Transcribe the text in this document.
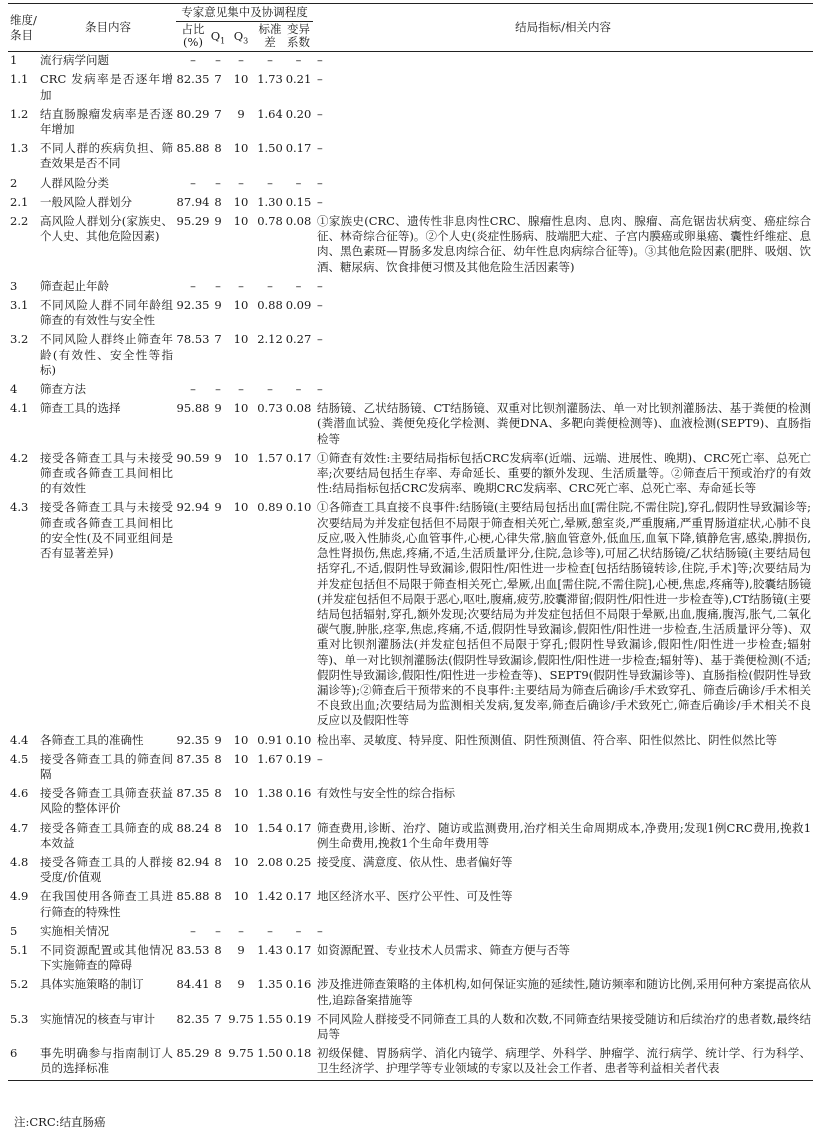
维度/条目	条目内容	专家意见集中及协调程度					结局指标/相关内容
		占比(%)	$Q_1$	$Q_3$	标准差	变异系数	
1	流行病学问题	–	–	–	–	–	–
1.1	CRC 发病率是否逐年增加	82.35	7	10	1.73	0.21	–
1.2	结直肠腺瘤发病率是否逐年增加	80.29	7	9	1.64	0.20	–
1.3	不同人群的疾病负担、筛查效果是否不同	85.88	8	10	1.50	0.17	–
2	人群风险分类	–	–	–	–	–	–
2.1	一般风险人群划分	87.94	8	10	1.30	0.15	–
2.2	高风险人群划分(家族史、个人史、其他危险因素)	95.29	9	10	0.78	0.08	①家族史(CRC、遗传性非息肉性CRC、腺瘤性息肉、息肉、腺瘤、高危锯齿状病变、癌症综合征、林奇综合征等)。②个人史(炎症性肠病、肢端肥大症、子宫内膜癌或卵巢癌、囊性纤维症、息肉、黑色素斑—胃肠多发息肉综合征、幼年性息肉病综合征等)。③其他危险因素(肥胖、吸烟、饮酒、糖尿病、饮食排便习惯及其他危险生活因素等)
3	筛查起止年龄	–	–	–	–	–	–
3.1	不同风险人群不同年龄组筛查的有效性与安全性	92.35	9	10	0.88	0.09	–
3.2	不同风险人群终止筛查年龄(有效性、安全性等指标)	78.53	7	10	2.12	0.27	–
4	筛查方法	–	–	–	–	–	–
4.1	筛查工具的选择	95.88	9	10	0.73	0.08	结肠镜、乙状结肠镜、CT结肠镜、双重对比钡剂灌肠法、单一对比钡剂灌肠法、基于粪便的检测(粪潜血试验、粪便免疫化学检测、粪便DNA、多靶向粪便检测等)、血液检测(SEPT9)、直肠指检等
4.2	接受各筛查工具与未接受筛查或各筛查工具间相比的有效性	90.59	9	10	1.57	0.17	①筛查有效性:主要结局指标包括CRC发病率(近端、远端、进展性、晚期)、CRC死亡率、总死亡率;次要结局包括生存率、寿命延长、重要的额外发现、生活质量等。②筛查后干预或治疗的有效性:结局指标包括CRC发病率、晚期CRC发病率、CRC死亡率、总死亡率、寿命延长等
4.3	接受各筛查工具与未接受筛查或各筛查工具间相比的安全性(及不同亚组间是否有显著差异)	92.94	9	10	0.89	0.10	①各筛查工具直接不良事件:结肠镜(主要结局包括出血[需住院,不需住院],穿孔,假阴性导致漏诊等;次要结局为并发症包括但不局限于筛查相关死亡,晕厥,憩室炎,严重腹痛,严重胃肠道症状,心肺不良反应,吸入性肺炎,心血管事件,心梗,心律失常,脑血管意外,低血压,血氧下降,镇静危害,感染,脾损伤,急性肾损伤,焦虑,疼痛,不适,生活质量评分,住院,急诊等),可屈乙状结肠镜/乙状结肠镜(主要结局包括穿孔,不适,假阴性导致漏诊,假阳性/阳性进一步检查[包括结肠镜转诊,住院,手术]等;次要结局为并发症包括但不局限于筛查相关死亡,晕厥,出血[需住院,不需住院],心梗,焦虑,疼痛等),胶囊结肠镜(并发症包括但不局限于恶心,呕吐,腹痛,疲劳,胶囊滞留;假阴性/阳性进一步检查等),CT结肠镜(主要结局包括辐射,穿孔,额外发现;次要结局为并发症包括但不局限于晕厥,出血,腹痛,腹泻,胀气,二氧化碳气腹,肿胀,痉挛,焦虑,疼痛,不适,假阴性导致漏诊,假阳性/阳性进一步检查,生活质量评分等)、双重对比钡剂灌肠法(并发症包括但不局限于穿孔;假阴性导致漏诊,假阳性/阳性进一步检查;辐射等)、单一对比钡剂灌肠法(假阴性导致漏诊,假阳性/阳性进一步检查;辐射等)、基于粪便检测(不适;假阴性导致漏诊,假阳性/阳性进一步检查等)、SEPT9(假阴性导致漏诊等)、直肠指检(假阴性导致漏诊等);②筛查后干预带来的不良事件:主要结局为筛查后确诊/手术致穿孔、筛查后确诊/手术相关不良致出血;次要结局为监测相关发病,复发率,筛查后确诊/手术致死亡,筛查后确诊/手术相关不良反应以及假阳性等
4.4	各筛查工具的准确性	92.35	9	10	0.91	0.10	检出率、灵敏度、特异度、阳性预测值、阴性预测值、符合率、阳性似然比、阴性似然比等
4.5	接受各筛查工具的筛查间隔	87.35	8	10	1.67	0.19	–
4.6	接受各筛查工具筛查获益风险的整体评价	87.35	8	10	1.38	0.16	有效性与安全性的综合指标
4.7	接受各筛查工具筛查的成本效益	88.24	8	10	1.54	0.17	筛查费用,诊断、治疗、随访或监测费用,治疗相关生命周期成本,净费用;发现1例CRC费用,挽救1例生命费用,挽救1个生命年费用等
4.8	接受各筛查工具的人群接受度/价值观	82.94	8	10	2.08	0.25	接受度、满意度、依从性、患者偏好等
4.9	在我国使用各筛查工具进行筛查的特殊性	85.88	8	10	1.42	0.17	地区经济水平、医疗公平性、可及性等
5	实施相关情况	–	–	–	–	–	–
5.1	不同资源配置或其他情况下实施筛查的障碍	83.53	8	9	1.43	0.17	如资源配置、专业技术人员需求、筛查方便与否等
5.2	具体实施策略的制订	84.41	8	9	1.35	0.16	涉及推进筛查策略的主体机构,如何保证实施的延续性,随访频率和随访比例,采用何种方案提高依从性,追踪备案措施等
5.3	实施情况的核查与审计	82.35	7	9.75	1.55	0.19	不同风险人群接受不同筛查工具的人数和次数,不同筛查结果接受随访和后续治疗的患者数,最终结局等
6	事先明确参与指南制订人员的选择标准	85.29	8	9.75	1.50	0.18	初级保健、胃肠病学、消化内镜学、病理学、外科学、肿瘤学、流行病学、统计学、行为科学、卫生经济学、护理学等专业领域的专家以及社会工作者、患者等利益相关者代表
注:CRC:结直肠癌
